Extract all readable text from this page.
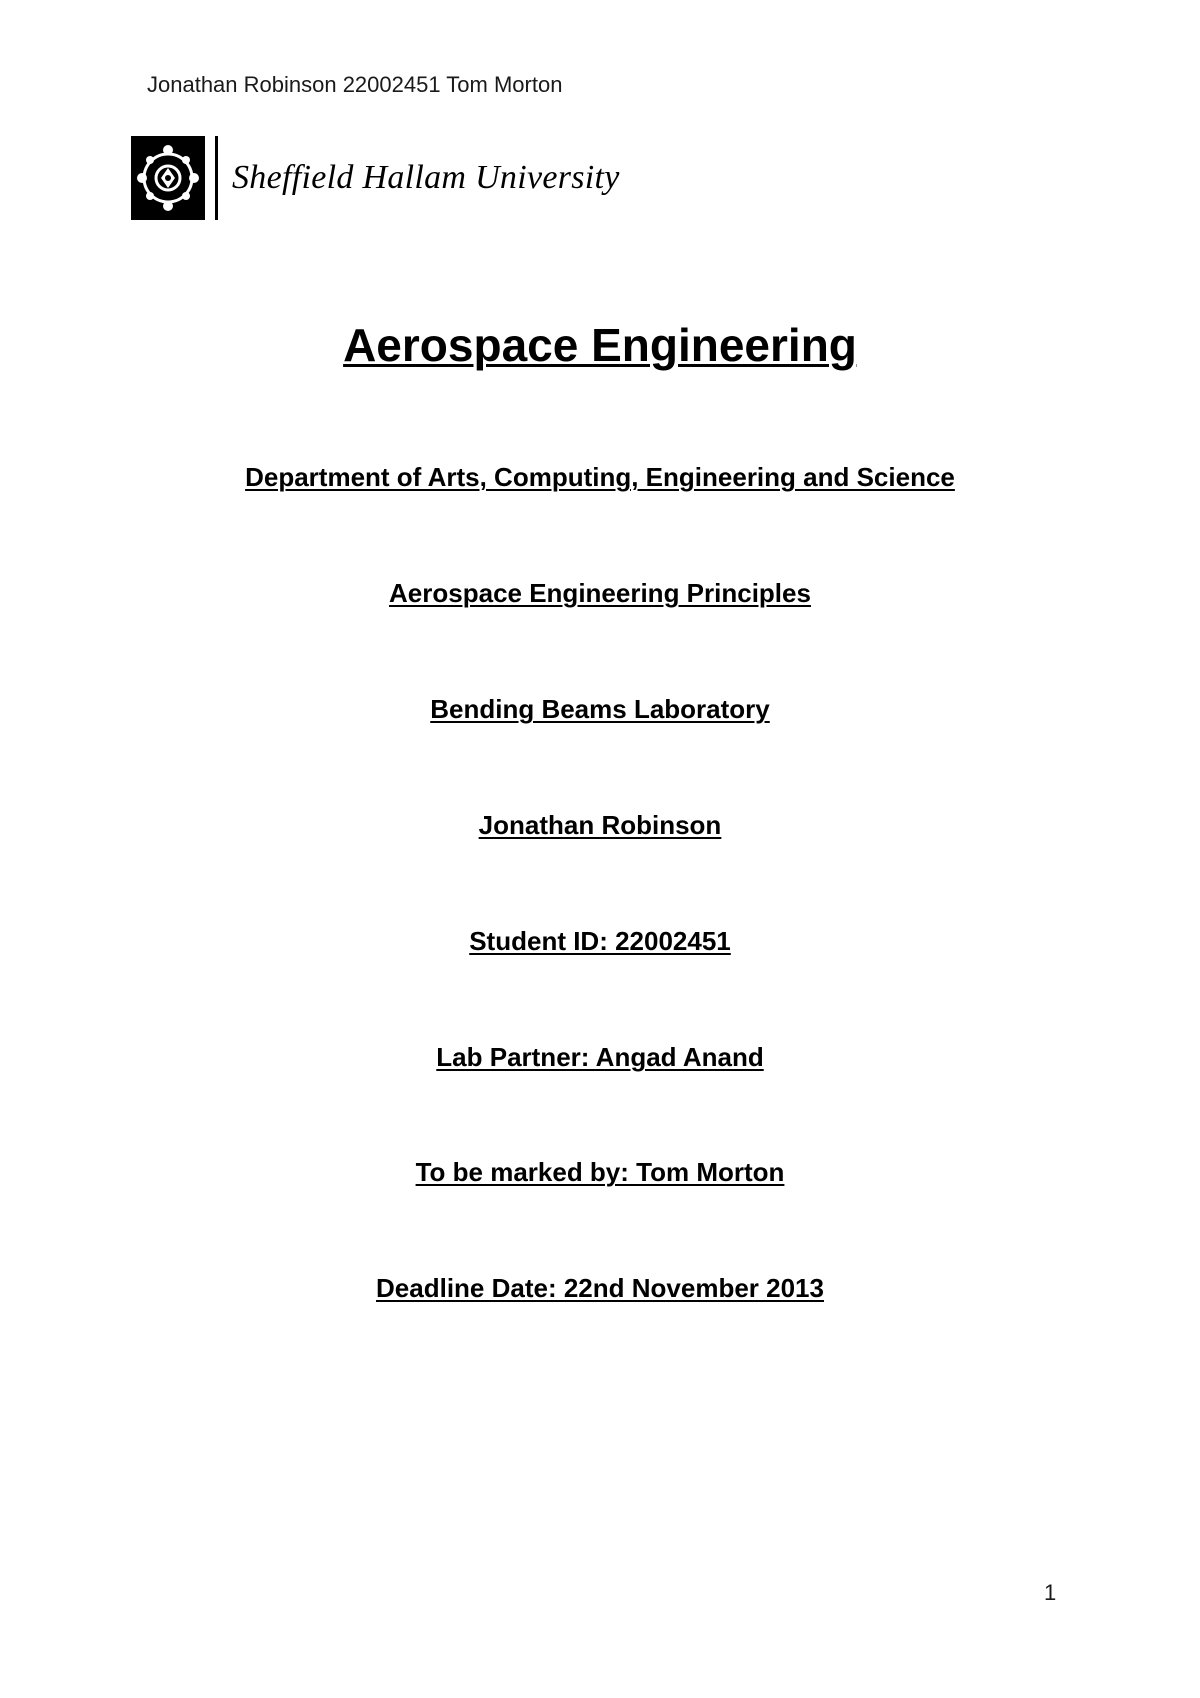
Jonathan Robinson 22002451 Tom Morton
Sheffield Hallam University
Aerospace Engineering
Department of Arts, Computing, Engineering and Science
Aerospace Engineering Principles
Bending Beams Laboratory
Jonathan Robinson
Student ID: 22002451
Lab Partner: Angad Anand
To be marked by: Tom Morton
Deadline Date: 22nd November 2013
1
